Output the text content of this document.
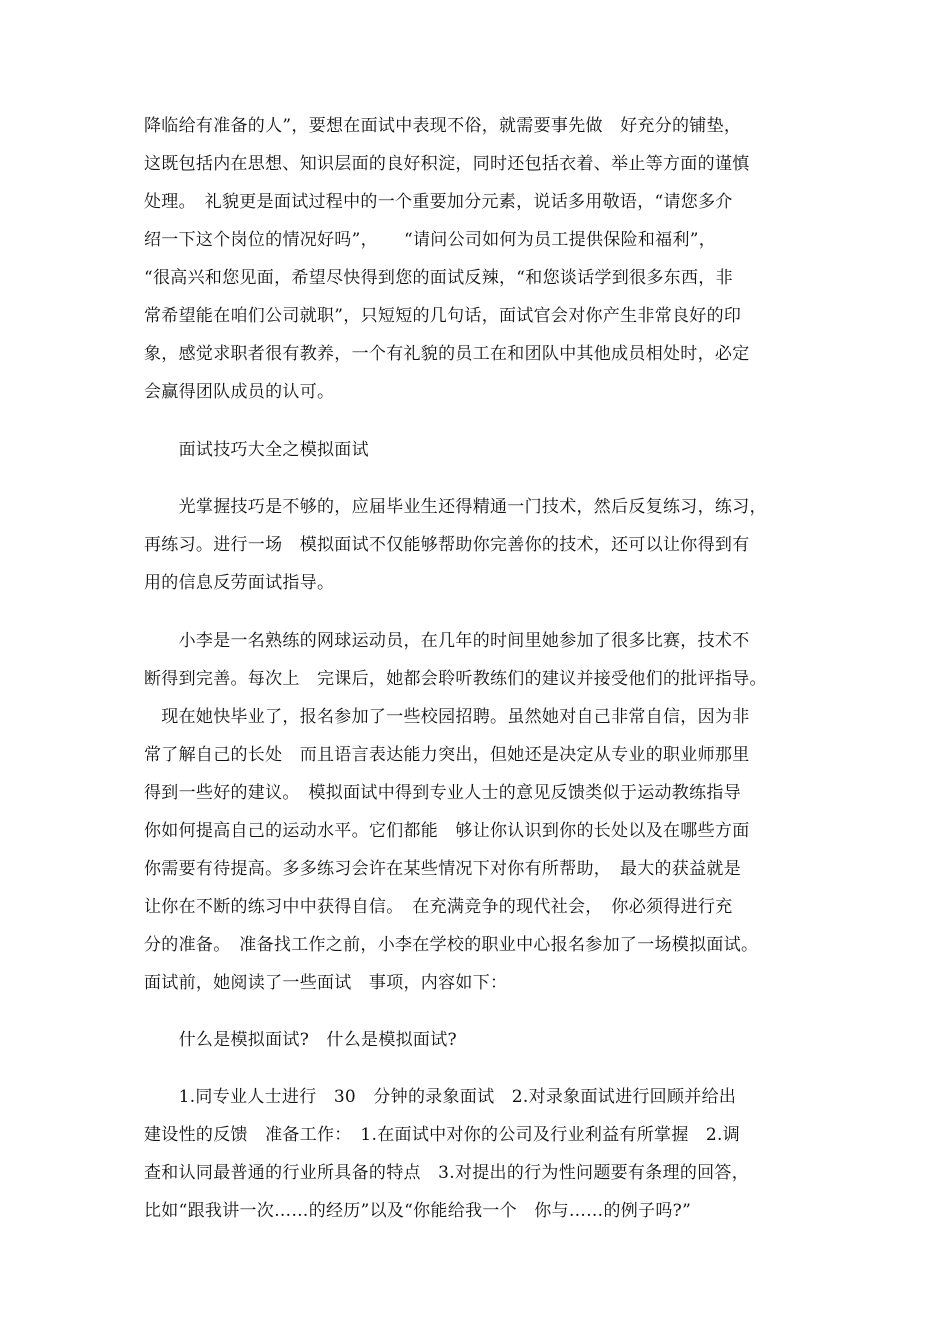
降临给有准备的人”，要想在面试中表现不俗，就需要事先做　好充分的铺垫，
这既包括内在思想、知识层面的良好积淀，同时还包括衣着、举止等方面的谨慎
处理。　礼貌更是面试过程中的一个重要加分元素，说话多用敬语，“请您多介
绍一下这个岗位的情况好吗”，　　“请问公司如何为员工提供保险和福利”，
“很高兴和您见面，希望尽快得到您的面试反辣，“和您谈话学到很多东西，非
常希望能在咱们公司就职”，只短短的几句话，面试官会对你产生非常良好的印
象，感觉求职者很有教养，一个有礼貌的员工在和团队中其他成员相处时，必定
会赢得团队成员的认可。
　　面试技巧大全之模拟面试
　　光掌握技巧是不够的，应届毕业生还得精通一门技术，然后反复练习，练习，
再练习。进行一场　模拟面试不仅能够帮助你完善你的技术，还可以让你得到有
用的信息反劳面试指导。
　　小李是一名熟练的网球运动员，在几年的时间里她参加了很多比赛，技术不
断得到完善。每次上　完课后，她都会聆听教练们的建议并接受他们的批评指导。
　现在她快毕业了，报名参加了一些校园招聘。虽然她对自己非常自信，因为非
常了解自己的长处　而且语言表达能力突出，但她还是决定从专业的职业师那里
得到一些好的建议。　模拟面试中得到专业人士的意见反馈类似于运动教练指导
你如何提高自己的运动水平。它们都能　够让你认识到你的长处以及在哪些方面
你需要有待提高。多多练习会许在某些情况下对你有所帮助，　最大的获益就是
让你在不断的练习中中获得自信。　在充满竞争的现代社会，　你必须得进行充
分的准备。　准备找工作之前，小李在学校的职业中心报名参加了一场模拟面试。
面试前，她阅读了一些面试　事项，内容如下：
　　什么是模拟面试?　什么是模拟面试?
　　1.同专业人士进行　30　分钟的录象面试　2.对录象面试进行回顾并给出
建设性的反馈　准备工作：　1.在面试中对你的公司及行业利益有所掌握　2.调
查和认同最普通的行业所具备的特点　3.对提出的行为性问题要有条理的回答，
比如“跟我讲一次……的经历”以及“你能给我一个　你与……的例子吗?”
